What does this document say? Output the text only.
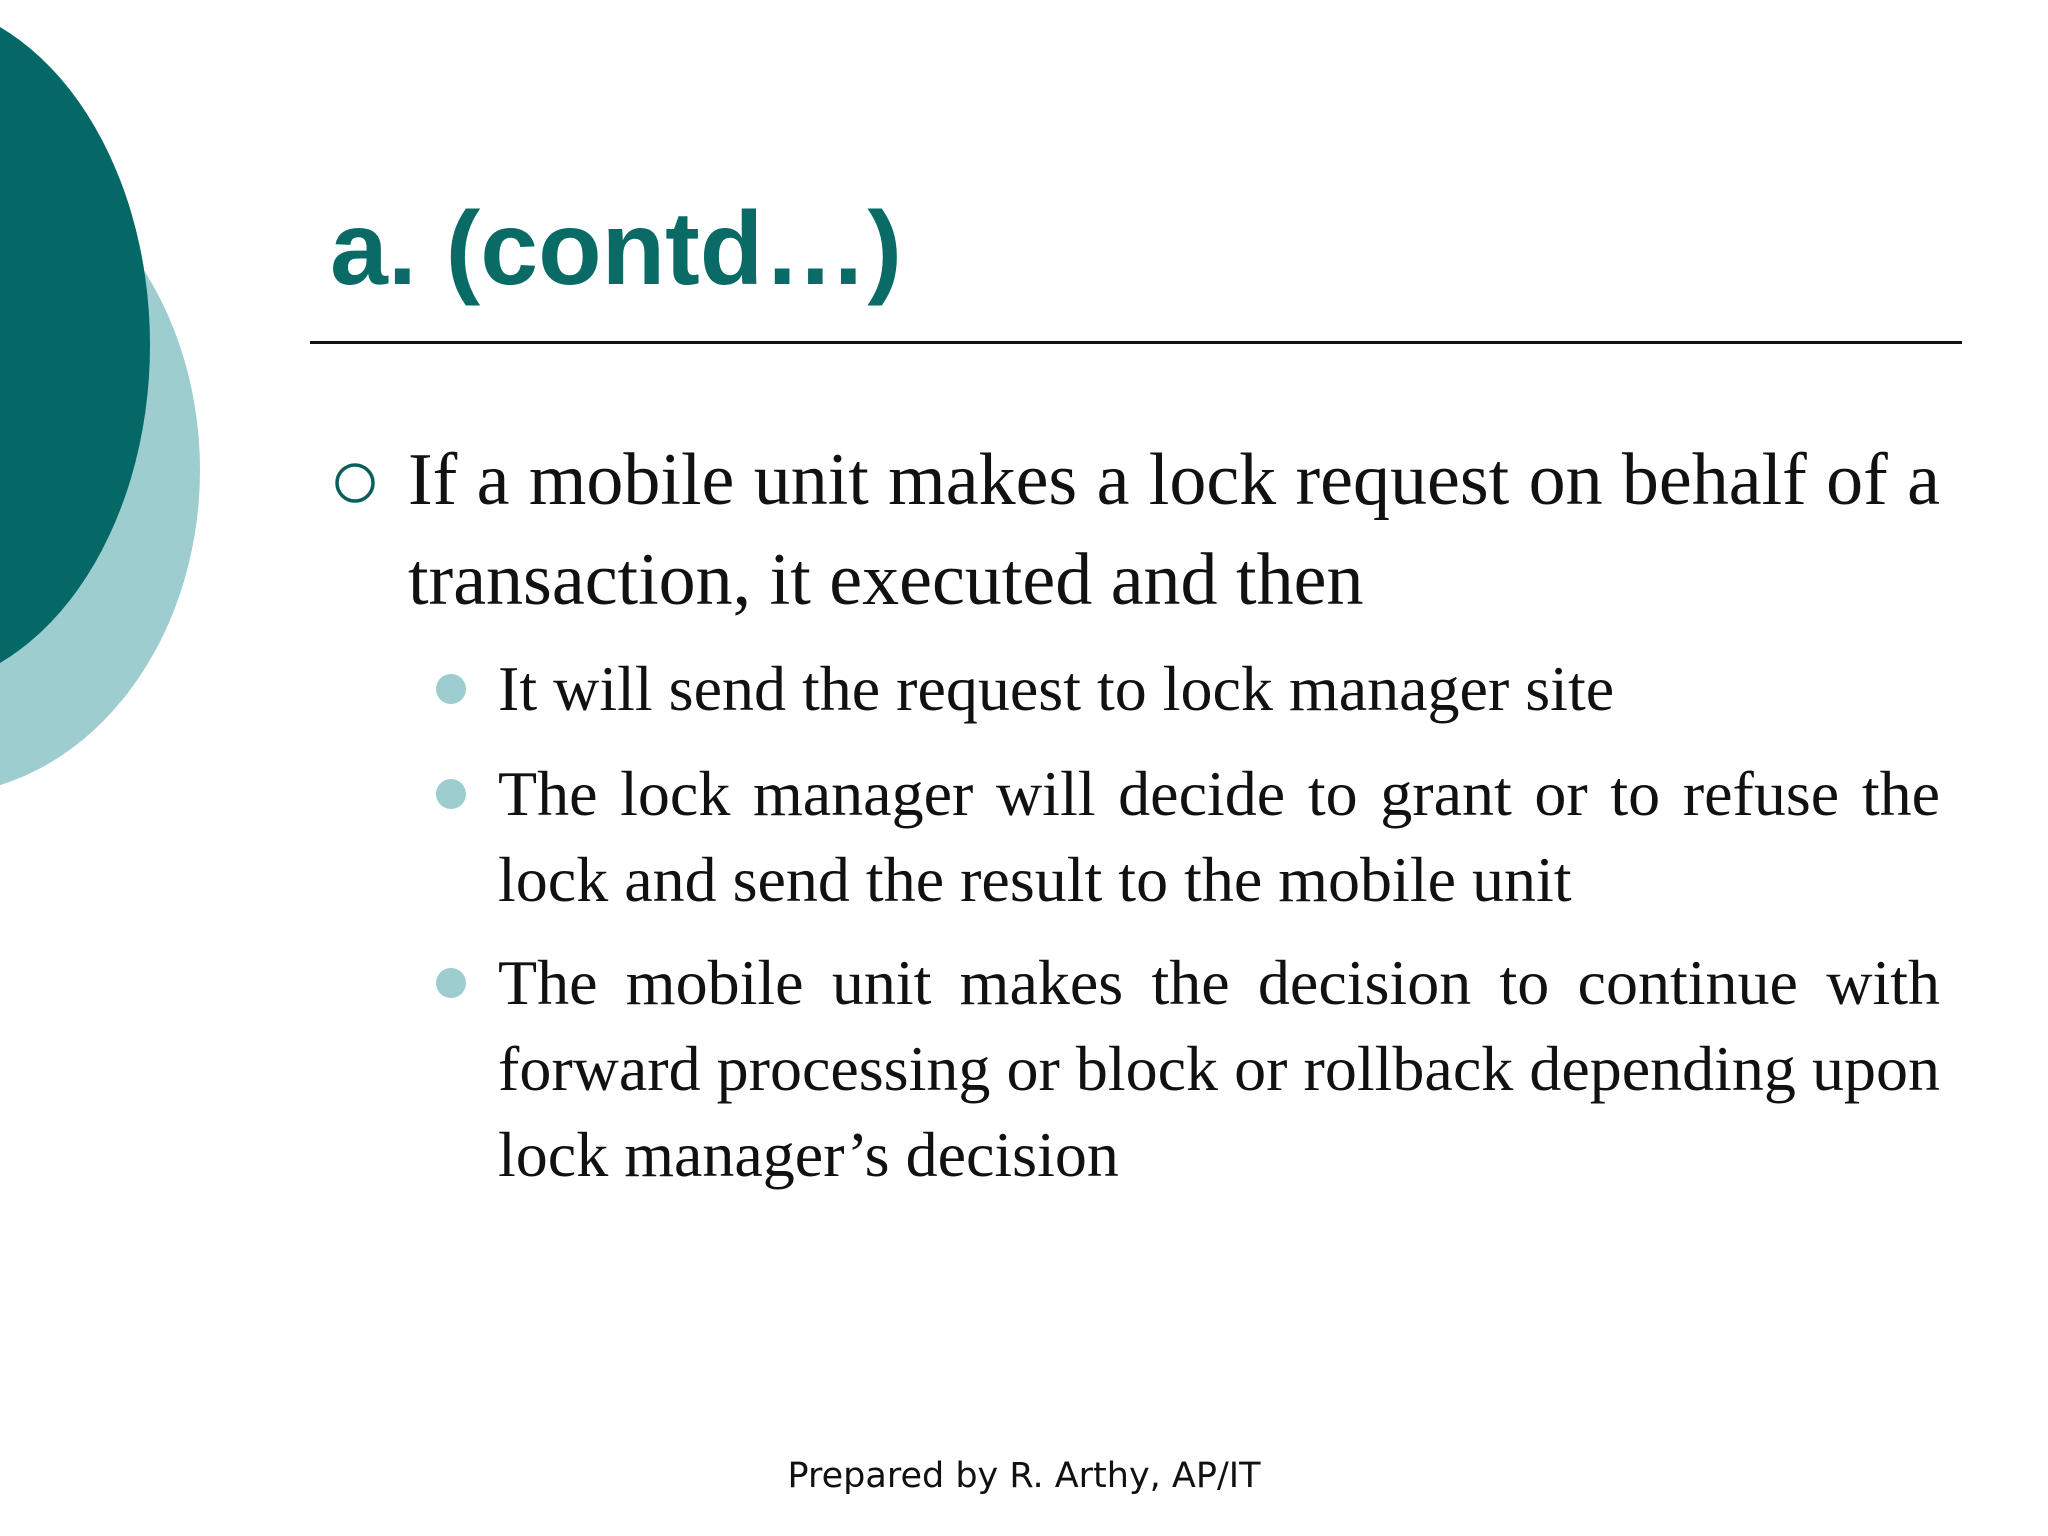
a. (contd…)

If a mobile unit makes a lock request on behalf of a transaction, it executed and then

It will send the request to lock manager site

The lock manager will decide to grant or to refuse the lock and send the result to the mobile unit

The mobile unit makes the decision to continue with forward processing or block or rollback depending upon lock manager’s decision

Prepared by R. Arthy, AP/IT
